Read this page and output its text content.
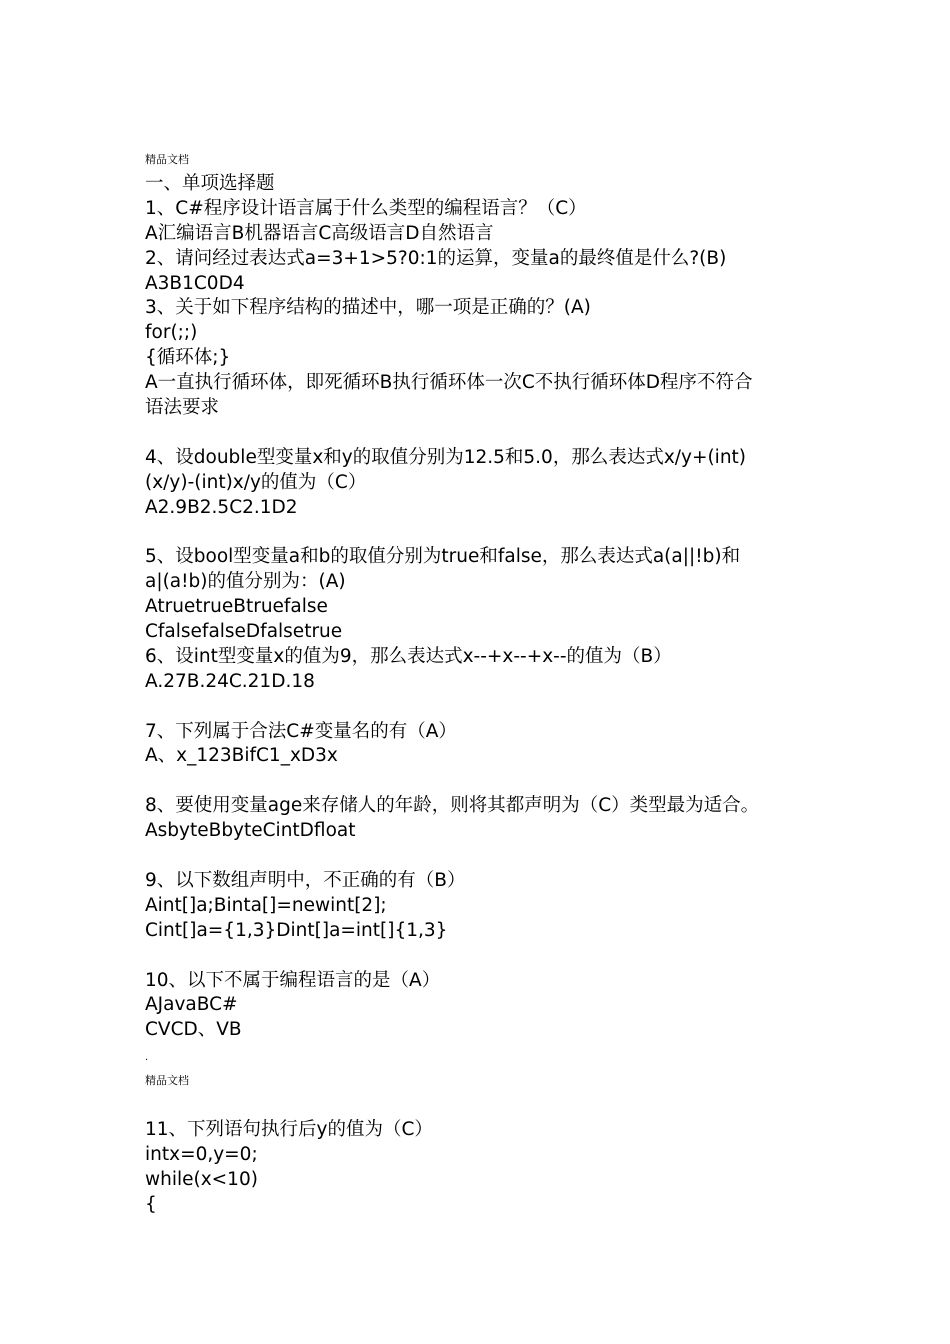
精品文档
一、单项选择题
1、C#程序设计语言属于什么类型的编程语言？（C）
A汇编语言B机器语言C高级语言D自然语言
2、请问经过表达式a=3+1>5?0:1的运算，变量a的最终值是什么?(B)
A3B1C0D4
3、关于如下程序结构的描述中，哪一项是正确的？(A)
for(;;)
{循环体;}
A一直执行循环体，即死循环B执行循环体一次C不执行循环体D程序不符合
语法要求
4、设double型变量x和y的取值分别为12.5和5.0，那么表达式x/y+(int)
(x/y)-(int)x/y的值为（C）
A2.9B2.5C2.1D2
5、设bool型变量a和b的取值分别为true和false，那么表达式a(a||!b)和
a|(a!b)的值分别为：(A)
AtruetrueBtruefalse
CfalsefalseDfalsetrue
6、设int型变量x的值为9，那么表达式x--+x--+x--的值为（B）
A.27B.24C.21D.18
7、下列属于合法C#变量名的有（A）
A、x_123BifC1_xD3x
8、要使用变量age来存储人的年龄，则将其都声明为（C）类型最为适合。
AsbyteBbyteCintDfloat
9、以下数组声明中，不正确的有（B）
Aint[]a;Binta[]=newint[2];
Cint[]a={1,3}Dint[]a=int[]{1,3}
10、以下不属于编程语言的是（A）
AJavaBC#
CVCD、VB
.
精品文档
11、下列语句执行后y的值为（C）
intx=0,y=0;
while(x<10)
{
